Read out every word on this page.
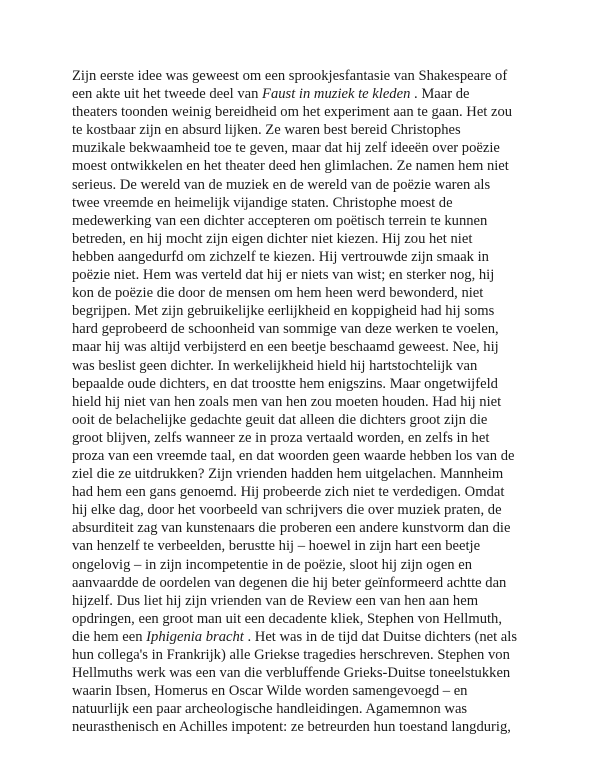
Zijn eerste idee was geweest om een sprookjesfantasie van Shakespeare of
een akte uit het tweede deel van Faust in muziek te kleden . Maar de
theaters toonden weinig bereidheid om het experiment aan te gaan. Het zou
te kostbaar zijn en absurd lijken. Ze waren best bereid Christophes
muzikale bekwaamheid toe te geven, maar dat hij zelf ideeën over poëzie
moest ontwikkelen en het theater deed hen glimlachen. Ze namen hem niet
serieus. De wereld van de muziek en de wereld van de poëzie waren als
twee vreemde en heimelijk vijandige staten. Christophe moest de
medewerking van een dichter accepteren om poëtisch terrein te kunnen
betreden, en hij mocht zijn eigen dichter niet kiezen. Hij zou het niet
hebben aangedurfd om zichzelf te kiezen. Hij vertrouwde zijn smaak in
poëzie niet. Hem was verteld dat hij er niets van wist; en sterker nog, hij
kon de poëzie die door de mensen om hem heen werd bewonderd, niet
begrijpen. Met zijn gebruikelijke eerlijkheid en koppigheid had hij soms
hard geprobeerd de schoonheid van sommige van deze werken te voelen,
maar hij was altijd verbijsterd en een beetje beschaamd geweest. Nee, hij
was beslist geen dichter. In werkelijkheid hield hij hartstochtelijk van
bepaalde oude dichters, en dat troostte hem enigszins. Maar ongetwijfeld
hield hij niet van hen zoals men van hen zou moeten houden. Had hij niet
ooit de belachelijke gedachte geuit dat alleen die dichters groot zijn die
groot blijven, zelfs wanneer ze in proza vertaald worden, en zelfs in het
proza van een vreemde taal, en dat woorden geen waarde hebben los van de
ziel die ze uitdrukken? Zijn vrienden hadden hem uitgelachen. Mannheim
had hem een gans genoemd. Hij probeerde zich niet te verdedigen. Omdat
hij elke dag, door het voorbeeld van schrijvers die over muziek praten, de
absurditeit zag van kunstenaars die proberen een andere kunstvorm dan die
van henzelf te verbeelden, berustte hij – hoewel in zijn hart een beetje
ongelovig – in zijn incompetentie in de poëzie, sloot hij zijn ogen en
aanvaardde de oordelen van degenen die hij beter geïnformeerd achtte dan
hijzelf. Dus liet hij zijn vrienden van de Review een van hen aan hem
opdringen, een groot man uit een decadente kliek, Stephen von Hellmuth,
die hem een Iphigenia bracht . Het was in de tijd dat Duitse dichters (net als
hun collega's in Frankrijk) alle Griekse tragedies herschreven. Stephen von
Hellmuths werk was een van die verbluffende Grieks-Duitse toneelstukken
waarin Ibsen, Homerus en Oscar Wilde worden samengevoegd – en
natuurlijk een paar archeologische handleidingen. Agamemnon was
neurasthenisch en Achilles impotent: ze betreurden hun toestand langdurig,
